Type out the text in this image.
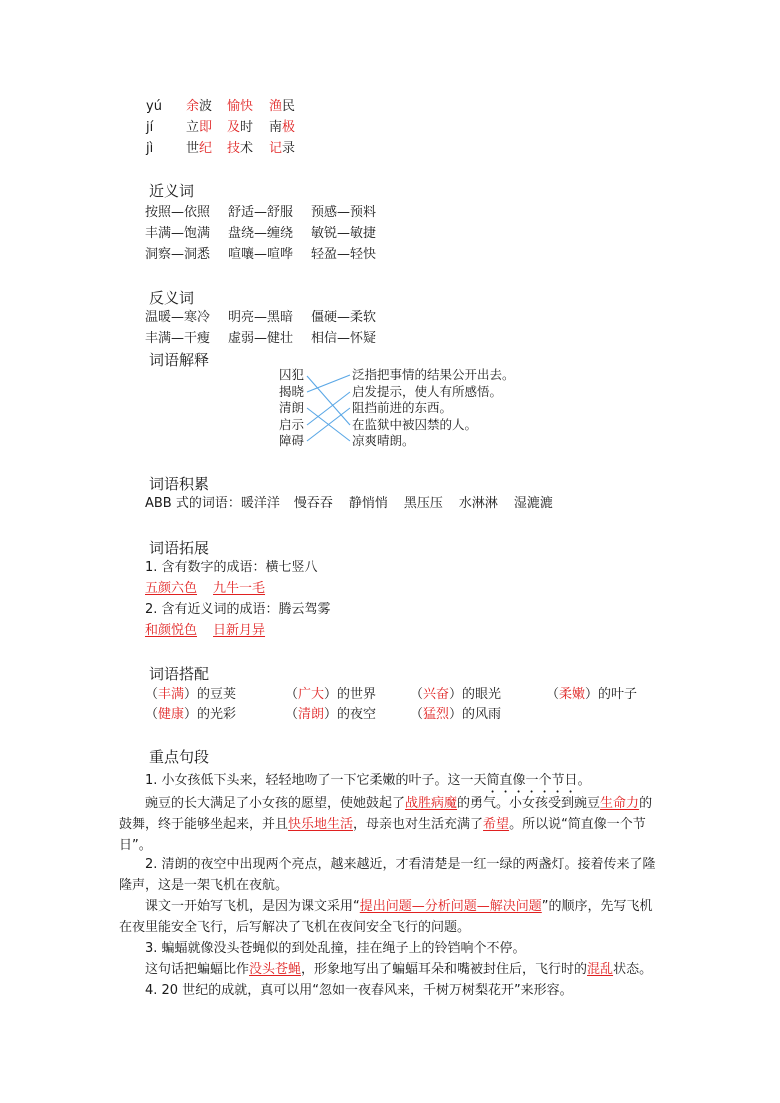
yú 余波 愉快 渔民
jí	立即 及时 南极
jì	世纪 技术 记录
近义词
按照—依照 舒适—舒服 预感—预料
丰满—饱满 盘绕—缠绕 敏锐—敏捷
洞察—洞悉 喧嚷—喧哗 轻盈—轻快
反义词
温暖—寒冷 明亮—黑暗 僵硬—柔软
丰满—干瘦 虚弱—健壮 相信—怀疑
词语解释
囚犯
揭晓
清朗
启示
障碍
泛指把事情的结果公开出去。
启发提示，使人有所感悟。
阻挡前进的东西。
在监狱中被囚禁的人。
凉爽晴朗。
词语积累
ABB 式的词语：暖洋洋 慢吞吞 静悄悄 黑压压 水淋淋 湿漉漉
词语拓展
1. 含有数字的成语：横七竖八
五颜六色 九牛一毛
2. 含有近义词的成语：腾云驾雾
和颜悦色 日新月异
词语搭配
（丰满）的豆荚	（广大）的世界	（兴奋）的眼光	（柔嫩）的叶子
（健康）的光彩	（清朗）的夜空	（猛烈）的风雨
重点句段
1. 小女孩低下头来，轻轻地吻了一下它柔嫩的叶子。这一天简直像一个节日。
豌豆的长大满足了小女孩的愿望，使她鼓起了战胜病魔的勇气。小女孩受到豌豆生命力的鼓舞，终于能够坐起来，并且快乐地生活，母亲也对生活充满了希望。所以说“简直像一个节日”。
2. 清朗的夜空中出现两个亮点，越来越近，才看清楚是一红一绿的两盏灯。接着传来了隆隆声，这是一架飞机在夜航。
课文一开始写飞机，是因为课文采用“提出问题—分析问题—解决问题”的顺序，先写飞机在夜里能安全飞行，后写解决了飞机在夜间安全飞行的问题。
3. 蝙蝠就像没头苍蝇似的到处乱撞，挂在绳子上的铃铛响个不停。
这句话把蝙蝠比作没头苍蝇，形象地写出了蝙蝠耳朵和嘴被封住后，飞行时的混乱状态。
4. 20 世纪的成就，真可以用“忽如一夜春风来，千树万树梨花开”来形容。
